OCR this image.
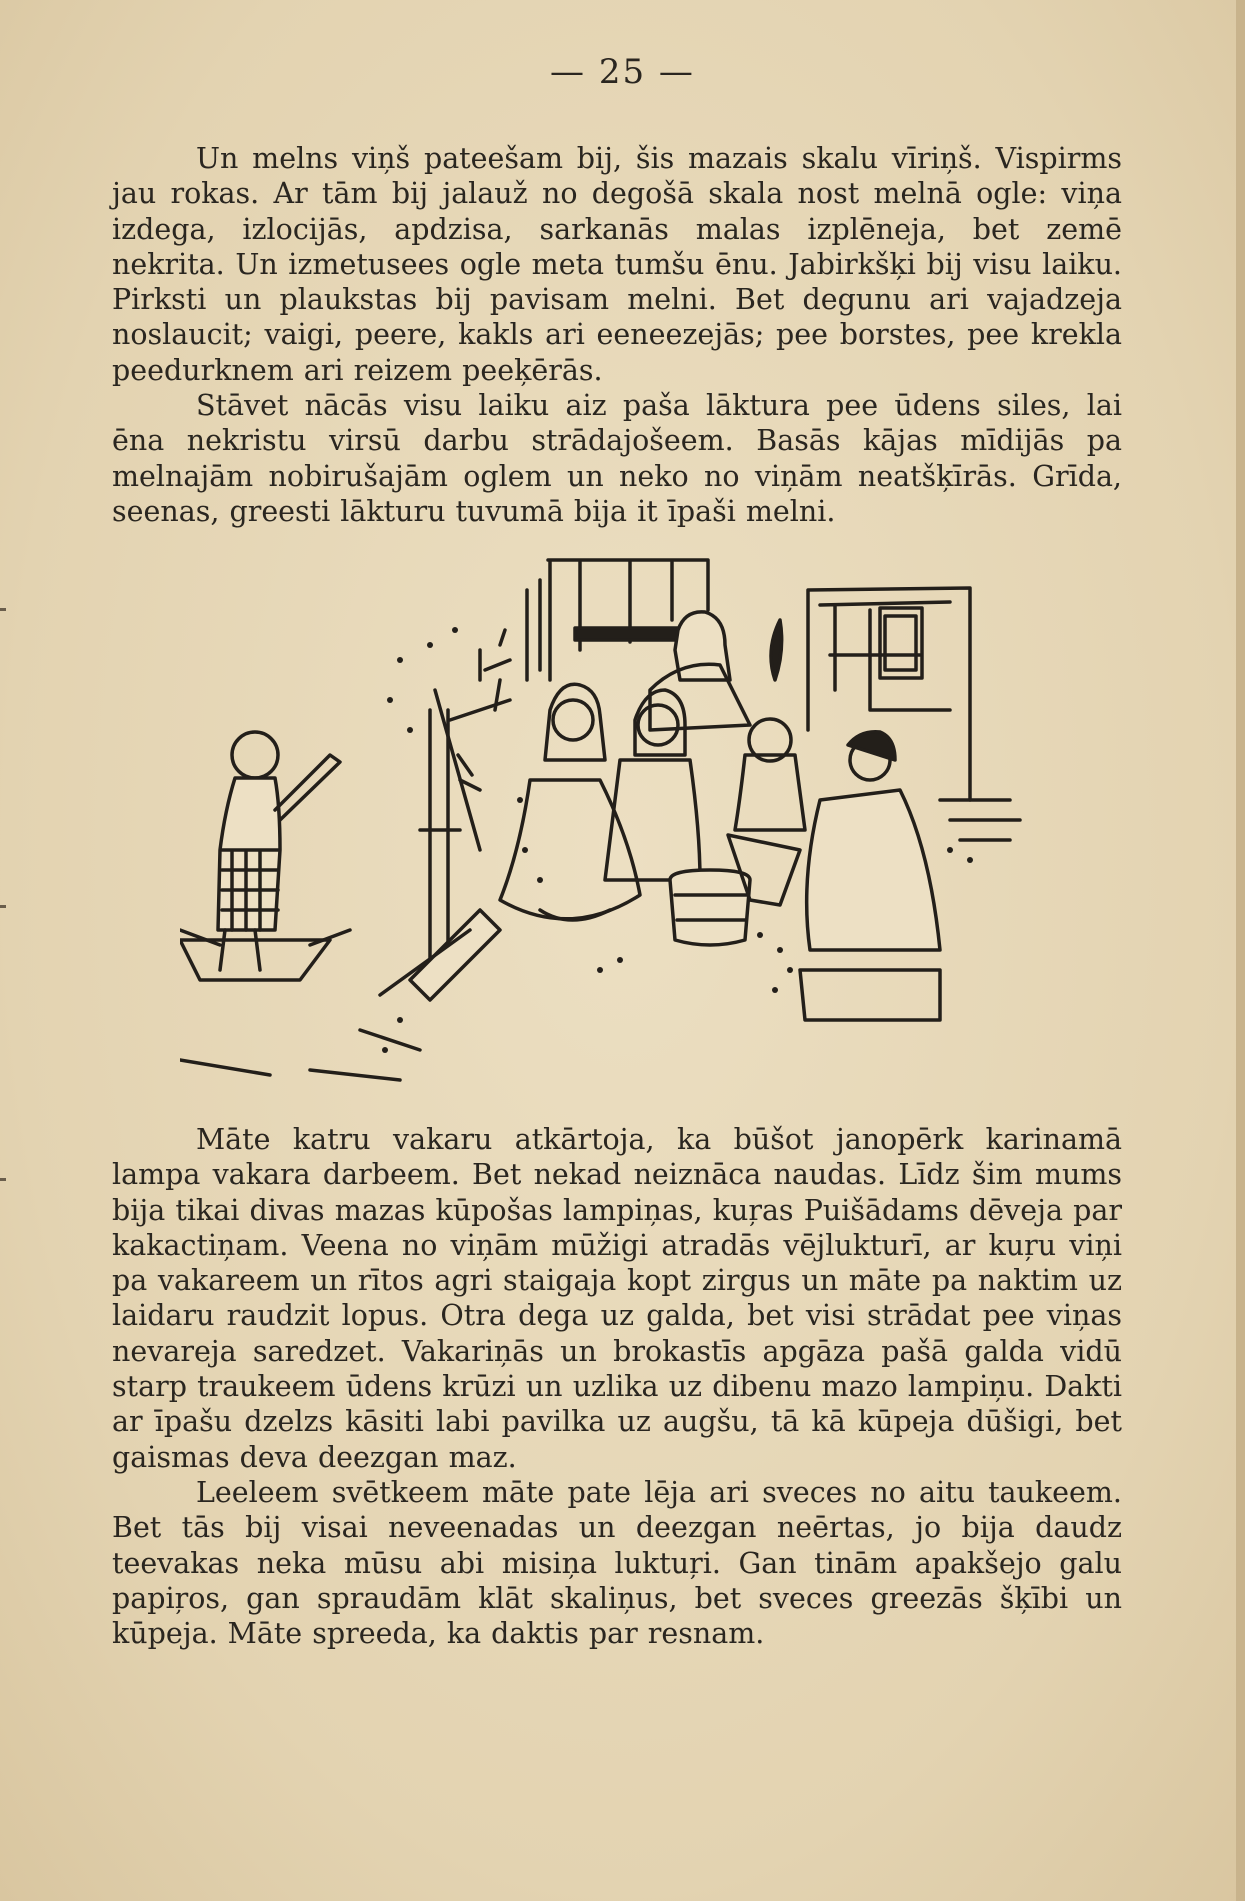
— 25 —

Un melns viņš pateešam bij, šis mazais skalu vīriņš. Vispirms jau rokas. Ar tām bij jalauž no degošā skala nost melnā ogle: viņa izdega, izlocijās, apdzisa, sarkanās malas izplēneja, bet zemē nekrita. Un izmetusees ogle meta tumšu ēnu. Jabirkšķi bij visu laiku. Pirksti un plaukstas bij pavisam melni. Bet degunu ari vajadzeja noslaucit; vaigi, peere, kakls ari eeneezejās; pee borstes, pee krekla peedurknem ari reizem peeķērās.

Stāvet nācās visu laiku aiz paša lāktura pee ūdens siles, lai ēna nekristu virsū darbu strādajošeem. Basās kājas mīdijās pa melnajām nobirušajām oglem un neko no viņām neatšķīrās. Grīda, seenas, greesti lākturu tuvumā bija it īpaši melni.

Māte katru vakaru atkārtoja, ka būšot janopērk karinamā lampa vakara darbeem. Bet nekad neiznāca naudas. Līdz šim mums bija tikai divas mazas kūpošas lampiņas, kuŗas Puišādams dēveja par kakactiņam. Veena no viņām mūžigi atradās vējlukturī, ar kuŗu viņi pa vakareem un rītos agri staigaja kopt zirgus un māte pa naktim uz laidaru raudzit lopus. Otra dega uz galda, bet visi strādat pee viņas nevareja saredzet. Vakariņās un brokastīs apgāza pašā galda vidū starp traukeem ūdens krūzi un uzlika uz dibenu mazo lampiņu. Dakti ar īpašu dzelzs kāsiti labi pavilka uz augšu, tā kā kūpeja dūšigi, bet gaismas deva deezgan maz.

Leeleem svētkeem māte pate lēja ari sveces no aitu taukeem. Bet tās bij visai neveenadas un deezgan neērtas, jo bija daudz teevakas neka mūsu abi misiņa luktuŗi. Gan tinām apakšejo galu papiŗos, gan spraudām klāt skaliņus, bet sveces greezās šķībi un kūpeja. Māte spreeda, ka daktis par resnam.
